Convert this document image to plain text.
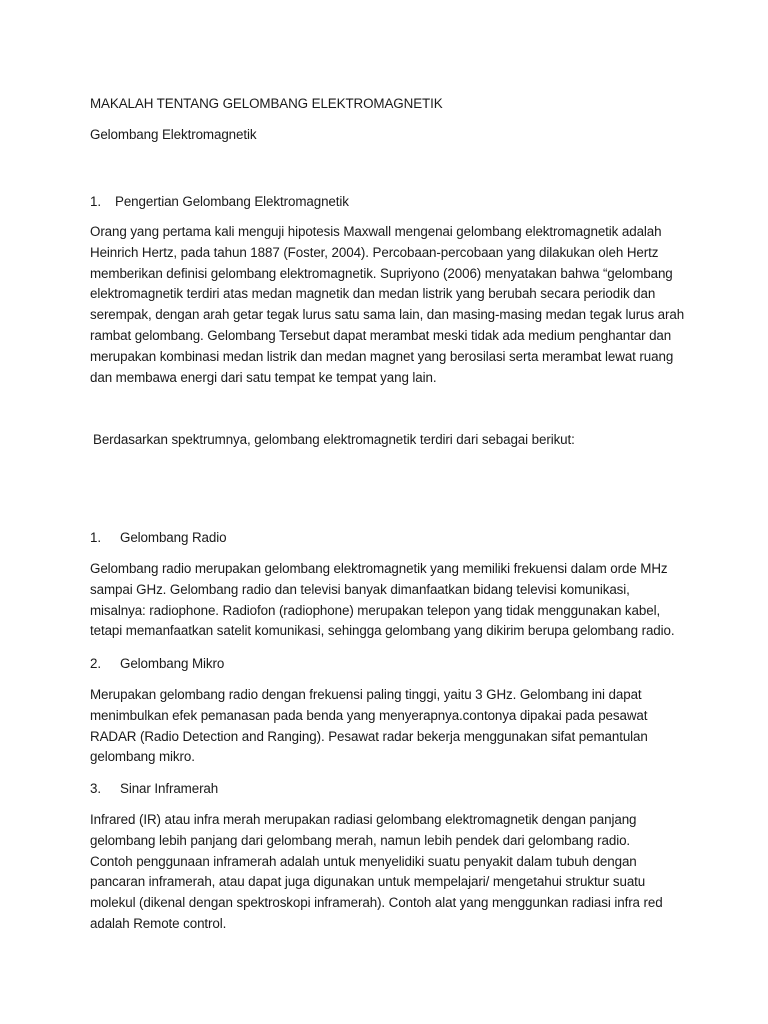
MAKALAH TENTANG GELOMBANG ELEKTROMAGNETIK

Gelombang Elektromagnetik

1. Pengertian Gelombang Elektromagnetik

Orang yang pertama kali menguji hipotesis Maxwall mengenai gelombang elektromagnetik adalah Heinrich Hertz, pada tahun 1887 (Foster, 2004). Percobaan-percobaan yang dilakukan oleh Hertz memberikan definisi gelombang elektromagnetik. Supriyono (2006) menyatakan bahwa “gelombang elektromagnetik terdiri atas medan magnetik dan medan listrik yang berubah secara periodik dan serempak, dengan arah getar tegak lurus satu sama lain, dan masing-masing medan tegak lurus arah rambat gelombang. Gelombang Tersebut dapat merambat meski tidak ada medium penghantar dan merupakan kombinasi medan listrik dan medan magnet yang berosilasi serta merambat lewat ruang dan membawa energi dari satu tempat ke tempat yang lain.

Berdasarkan spektrumnya, gelombang elektromagnetik terdiri dari sebagai berikut:

1. Gelombang Radio

Gelombang radio merupakan gelombang elektromagnetik yang memiliki frekuensi dalam orde MHz sampai GHz. Gelombang radio dan televisi banyak dimanfaatkan bidang televisi komunikasi, misalnya: radiophone. Radiofon (radiophone) merupakan telepon yang tidak menggunakan kabel, tetapi memanfaatkan satelit komunikasi, sehingga gelombang yang dikirim berupa gelombang radio.

2. Gelombang Mikro

Merupakan gelombang radio dengan frekuensi paling tinggi, yaitu 3 GHz. Gelombang ini dapat menimbulkan efek pemanasan pada benda yang menyerapnya.contonya dipakai pada pesawat RADAR (Radio Detection and Ranging). Pesawat radar bekerja menggunakan sifat pemantulan gelombang mikro.

3. Sinar Inframerah

Infrared (IR) atau infra merah merupakan radiasi gelombang elektromagnetik dengan panjang gelombang lebih panjang dari gelombang merah, namun lebih pendek dari gelombang radio. Contoh penggunaan inframerah adalah untuk menyelidiki suatu penyakit dalam tubuh dengan pancaran inframerah, atau dapat juga digunakan untuk mempelajari/ mengetahui struktur suatu molekul (dikenal dengan spektroskopi inframerah). Contoh alat yang menggunkan radiasi infra red adalah Remote control.
